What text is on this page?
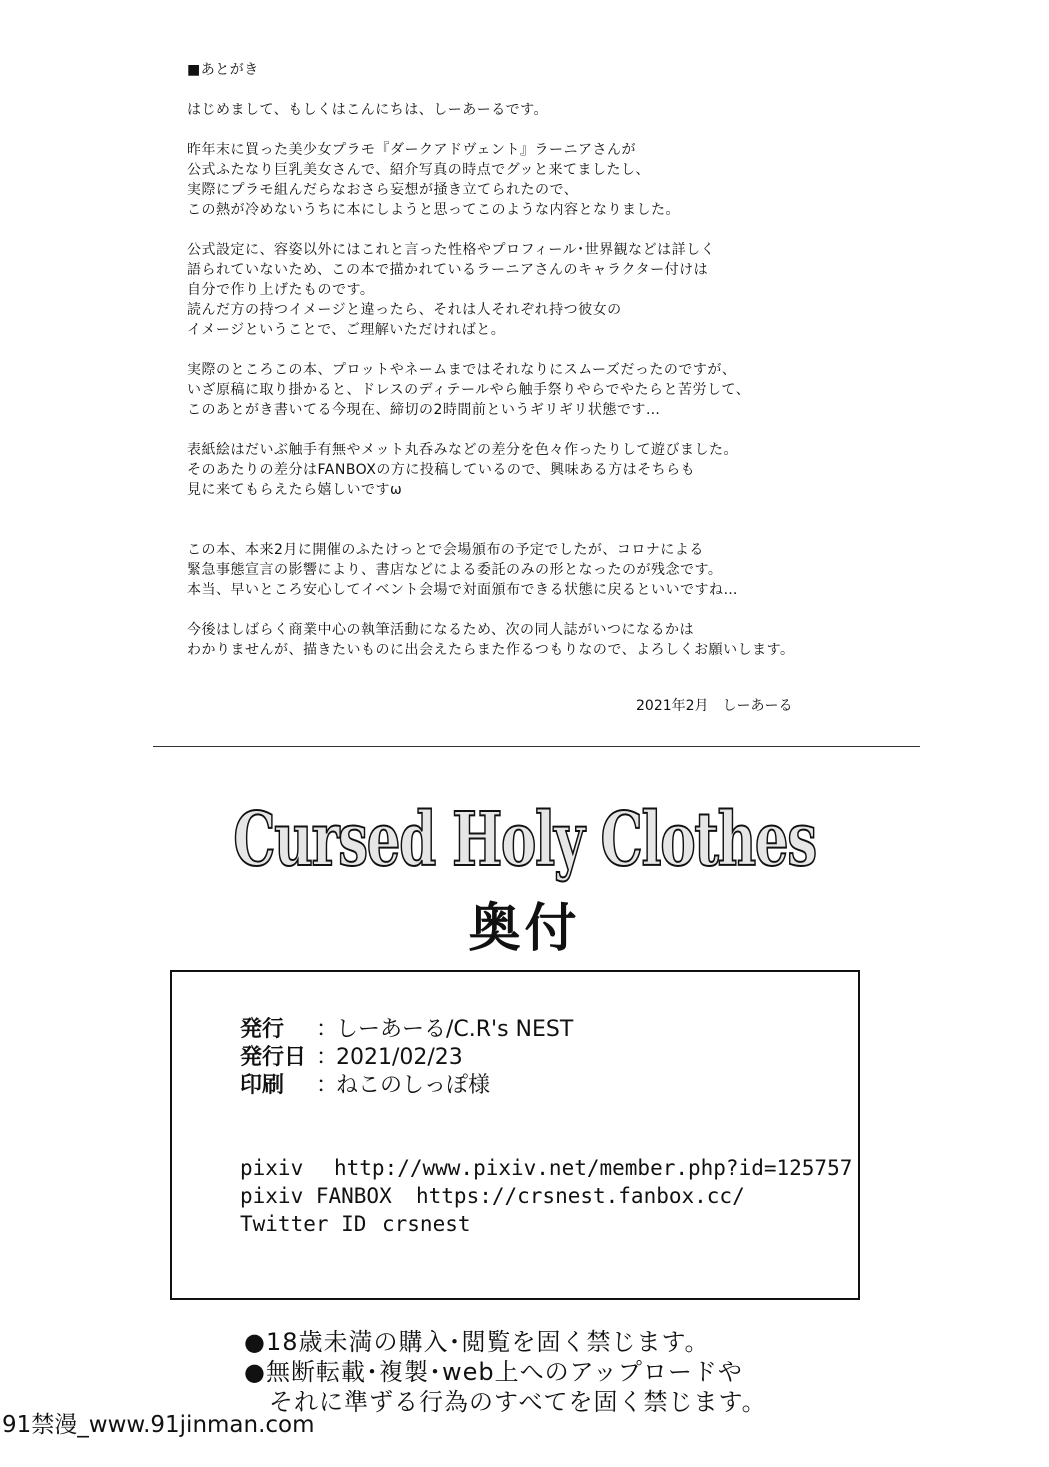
■あとがき
はじめまして、もしくはこんにちは、しーあーるです。
昨年末に買った美少女プラモ『ダークアドヴェント』ラーニアさんが
公式ふたなり巨乳美女さんで、紹介写真の時点でグッと来てましたし、
実際にプラモ組んだらなおさら妄想が掻き立てられたので、
この熱が冷めないうちに本にしようと思ってこのような内容となりました。
公式設定に、容姿以外にはこれと言った性格やプロフィール･世界観などは詳しく
語られていないため、この本で描かれているラーニアさんのキャラクター付けは
自分で作り上げたものです。
読んだ方の持つイメージと違ったら、それは人それぞれ持つ彼女の
イメージということで、ご理解いただければと。
実際のところこの本、プロットやネームまではそれなりにスムーズだったのですが、
いざ原稿に取り掛かると、ドレスのディテールやら触手祭りやらでやたらと苦労して、
このあとがき書いてる今現在、締切の2時間前というギリギリ状態です…
表紙絵はだいぶ触手有無やメット丸呑みなどの差分を色々作ったりして遊びました。
そのあたりの差分はFANBOXの方に投稿しているので、興味ある方はそちらも
見に来てもらえたら嬉しいですω
この本、本来2月に開催のふたけっとで会場頒布の予定でしたが、コロナによる
緊急事態宣言の影響により、書店などによる委託のみの形となったのが残念です。
本当、早いところ安心してイベント会場で対面頒布できる状態に戻るといいですね…
今後はしばらく商業中心の執筆活動になるため、次の同人誌がいつになるかは
わかりませんが、描きたいものに出会えたらまた作るつもりなので、よろしくお願いします。
2021年2月　しーあーる
Cursed Holy Clothes
奥付
発行 ：しーあーる/C.R's NEST
発行日 ：2021/02/23
印刷 ：ねこのしっぽ様
pixiv http://www.pixiv.net/member.php?id=125757
pixiv FANBOX https://crsnest.fanbox.cc/
Twitter ID crsnest
●18歳未満の購入･閲覧を固く禁じます。
●無断転載･複製･web上へのアップロードや
　それに準ずる行為のすべてを固く禁じます。
91禁漫_www.91jinman.com
